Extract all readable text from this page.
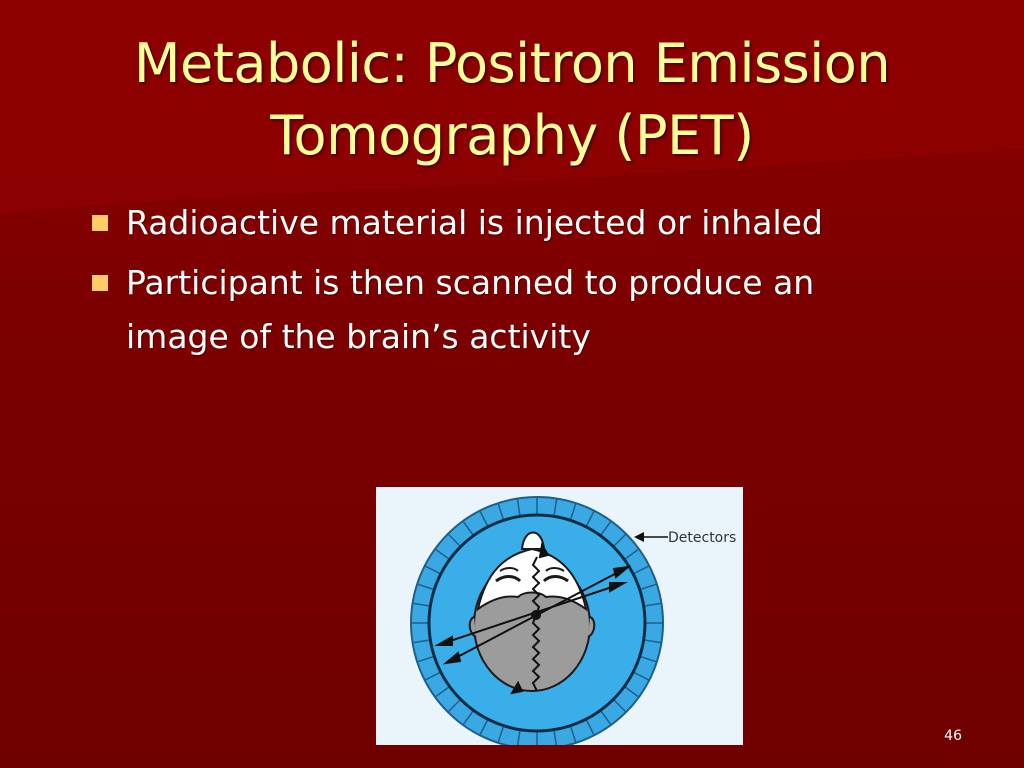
Metabolic: Positron Emission Tomography (PET)
Radioactive material is injected or inhaled
Participant is then scanned to produce an image of the brain’s activity
Detectors
46
